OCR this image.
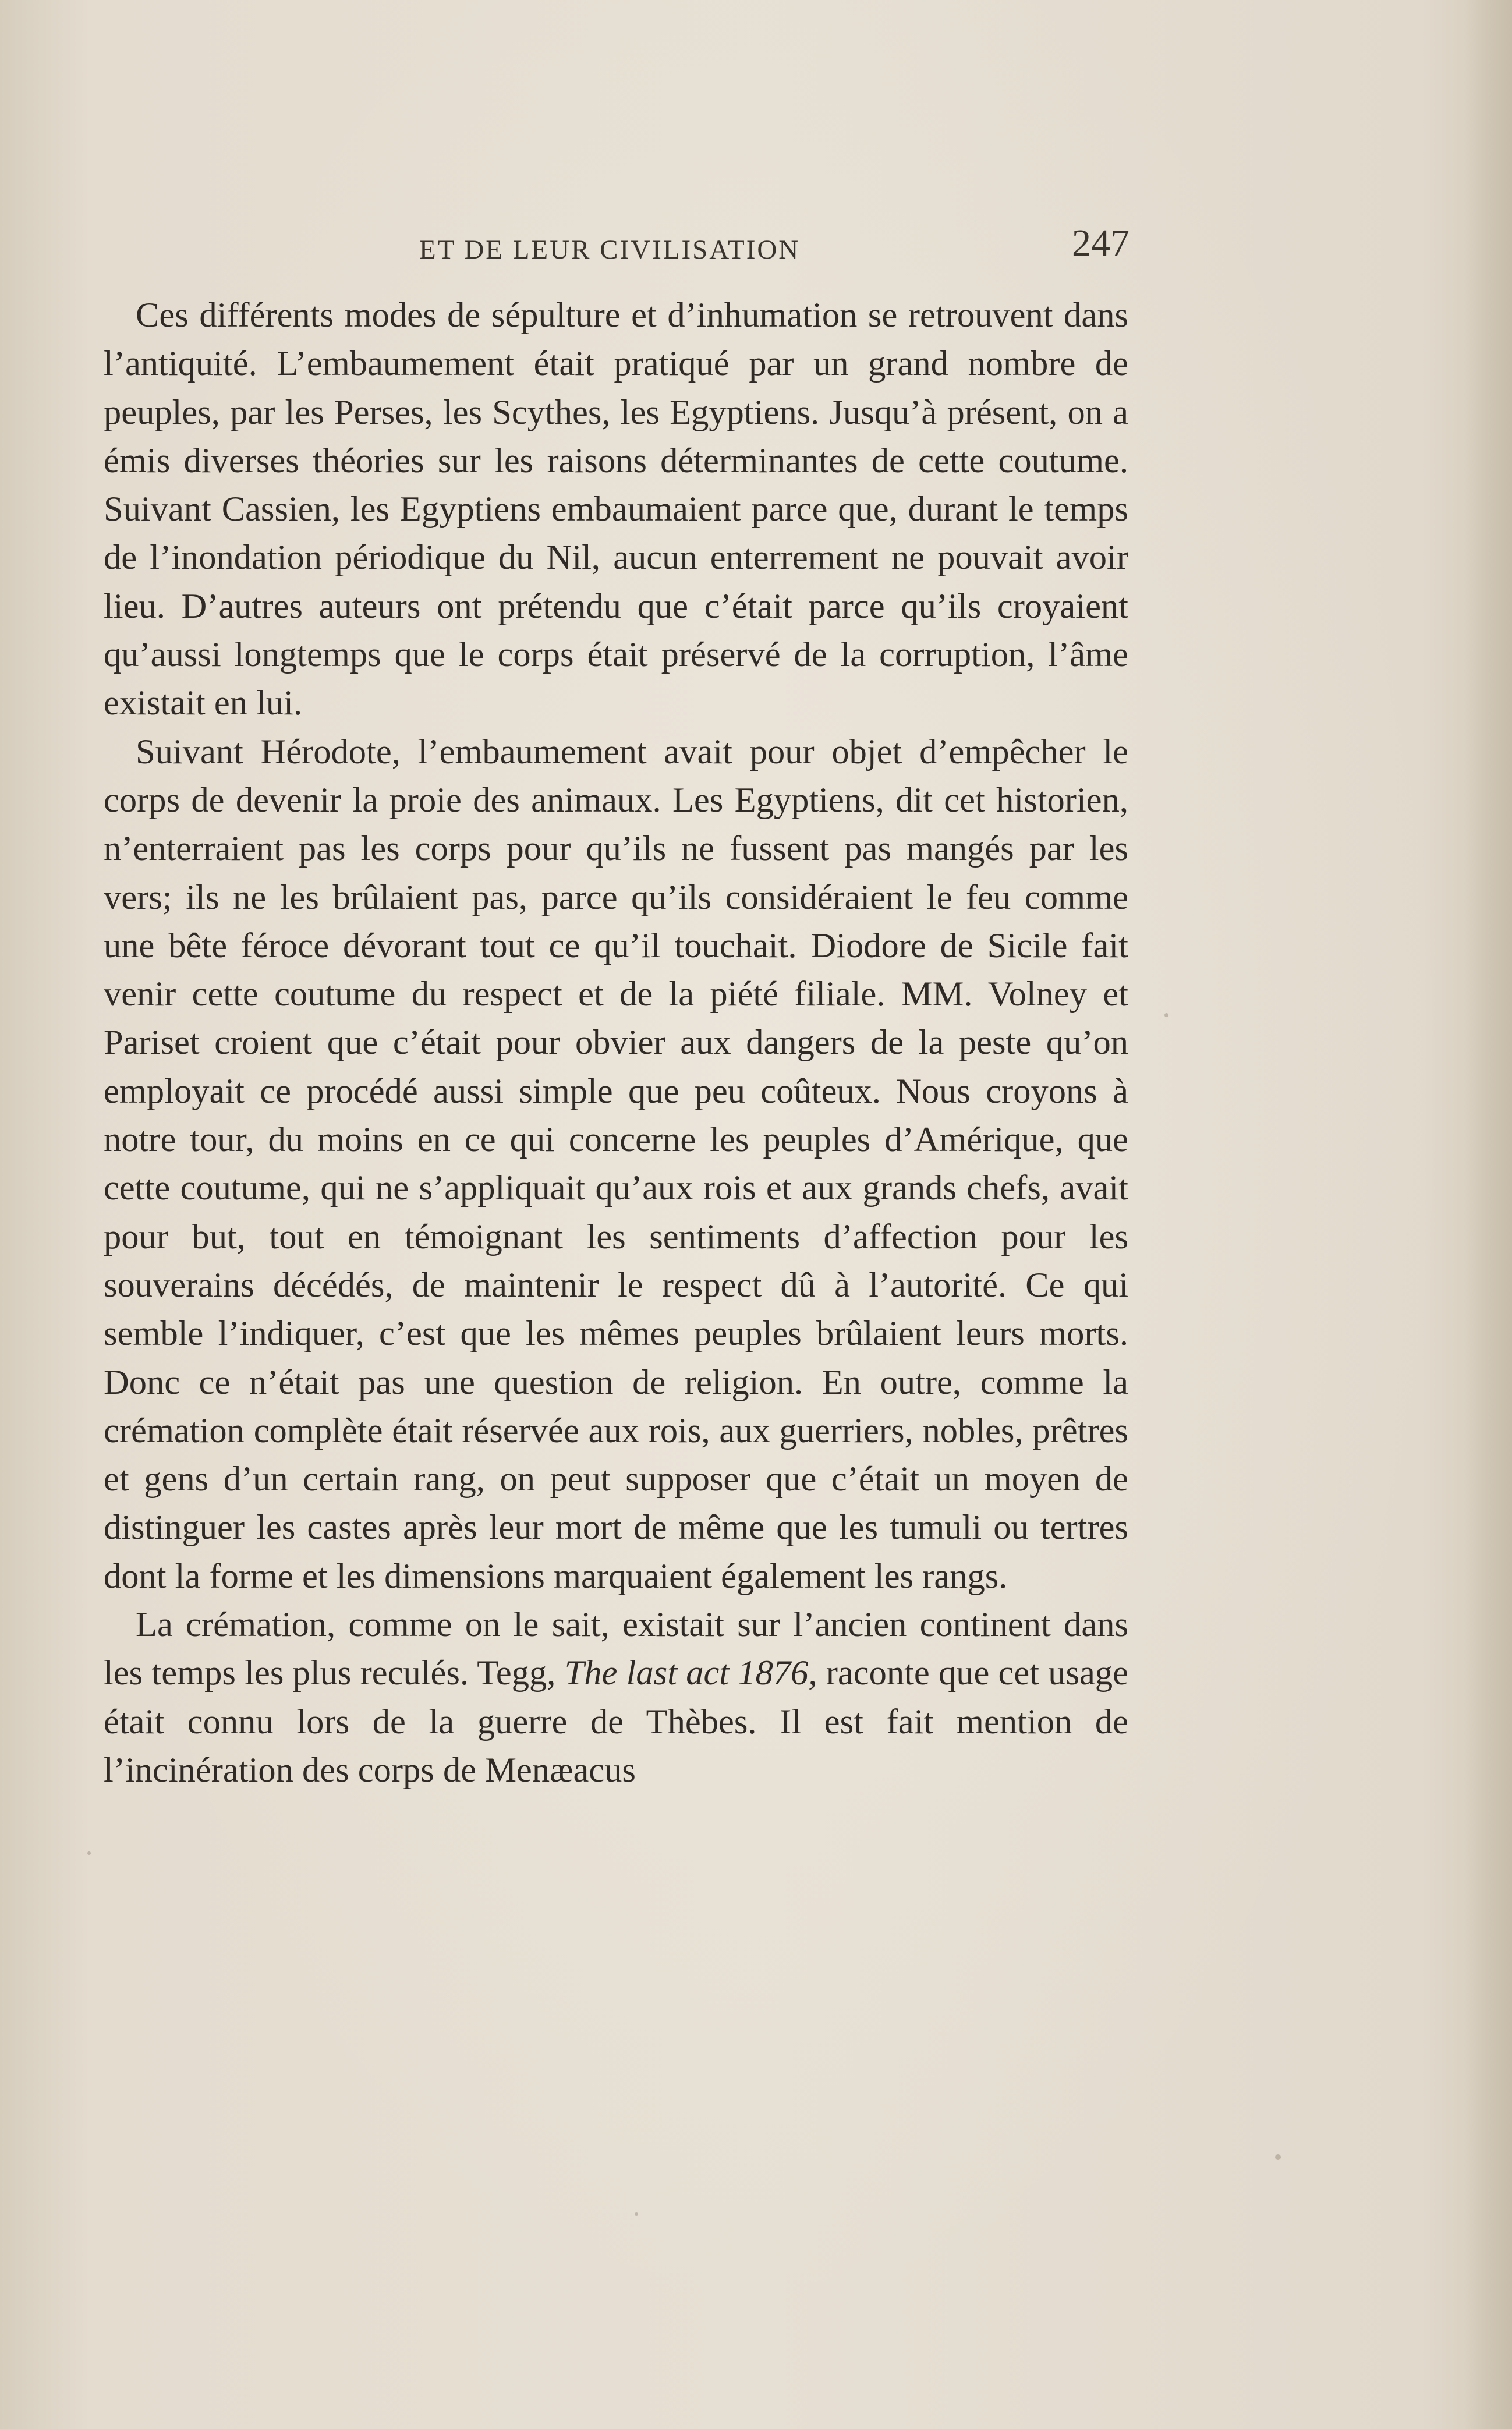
ET DE LEUR CIVILISATION	247

Ces différents modes de sépulture et d’inhumation se retrouvent dans l’antiquité. L’embaumement était pratiqué par un grand nombre de peuples, par les Perses, les Scythes, les Egyptiens. Jusqu’à présent, on a émis diverses théories sur les raisons déterminantes de cette coutume. Suivant Cassien, les Egyptiens embaumaient parce que, durant le temps de l’inondation périodique du Nil, aucun enterrement ne pouvait avoir lieu. D’autres auteurs ont prétendu que c’était parce qu’ils croyaient qu’aussi longtemps que le corps était préservé de la corruption, l’âme existait en lui.

Suivant Hérodote, l’embaumement avait pour objet d’empêcher le corps de devenir la proie des animaux. Les Egyptiens, dit cet historien, n’enterraient pas les corps pour qu’ils ne fussent pas mangés par les vers; ils ne les brûlaient pas, parce qu’ils considéraient le feu comme une bête féroce dévorant tout ce qu’il touchait. Diodore de Sicile fait venir cette coutume du respect et de la piété filiale. MM. Volney et Pariset croient que c’était pour obvier aux dangers de la peste qu’on employait ce procédé aussi simple que peu coûteux. Nous croyons à notre tour, du moins en ce qui concerne les peuples d’Amérique, que cette coutume, qui ne s’appliquait qu’aux rois et aux grands chefs, avait pour but, tout en témoignant les sentiments d’affection pour les souverains décédés, de maintenir le respect dû à l’autorité. Ce qui semble l’indiquer, c’est que les mêmes peuples brûlaient leurs morts. Donc ce n’était pas une question de religion. En outre, comme la crémation complète était réservée aux rois, aux guerriers, nobles, prêtres et gens d’un certain rang, on peut supposer que c’était un moyen de distinguer les castes après leur mort de même que les tumuli ou tertres dont la forme et les dimensions marquaient également les rangs.

La crémation, comme on le sait, existait sur l’ancien continent dans les temps les plus reculés. Tegg, The last act 1876, raconte que cet usage était connu lors de la guerre de Thèbes. Il est fait mention de l’incinération des corps de Menæacus
